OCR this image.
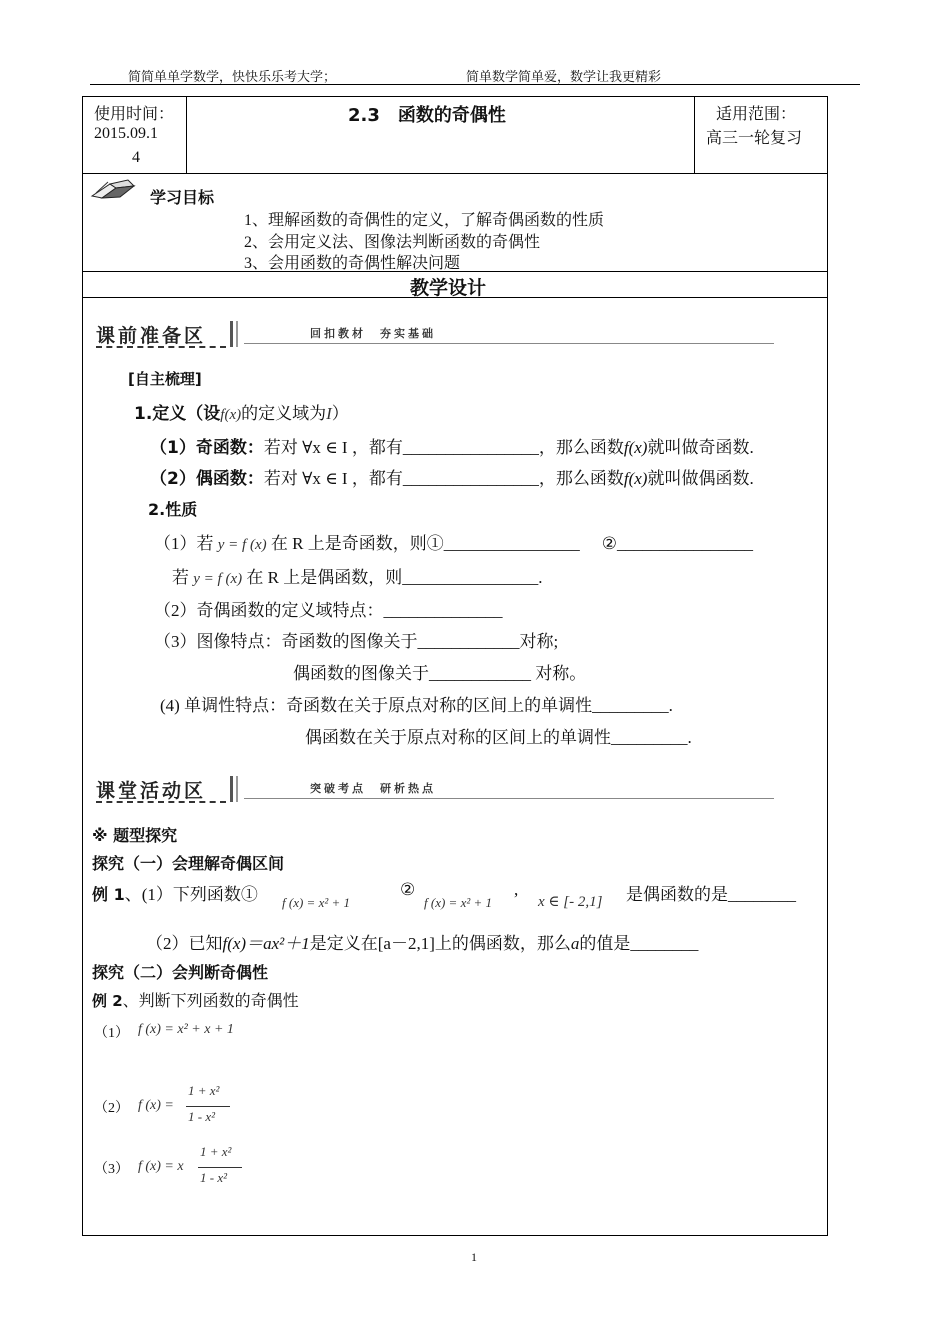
简简单单学数学，快快乐乐考大学；	简单数学简单爱，数学让我更精彩
使用时间：
2015.09.1
4
2.3　函数的奇偶性	适用范围：
高三一轮复习
学习目标
1、理解函数的奇偶性的定义，了解奇偶函数的性质
2、会用定义法、图像法判断函数的奇偶性
3、会用函数的奇偶性解决问题
教学设计
课前准备区	回扣教材　夯实基础
[自主梳理]
1.定义（设f(x)的定义域为I）
（1）奇函数：若对 ∀x ∈ I ，都有________________，那么函数f(x)就叫做奇函数.
（2）偶函数：若对 ∀x ∈ I ，都有________________，那么函数f(x)就叫做偶函数.
2.性质
（1）若 y = f (x) 在 R 上是奇函数，则①________________ ②________________
若 y = f (x) 在 R 上是偶函数，则________________.
（2）奇偶函数的定义域特点：______________
（3）图像特点：奇函数的图像关于____________对称;
偶函数的图像关于____________ 对称。
(4) 单调性特点：奇函数在关于原点对称的区间上的单调性_________.
偶函数在关于原点对称的区间上的单调性_________.
课堂活动区	突破考点　研析热点
※ 题型探究
探究（一）会理解奇偶区间
例 1、(1）下列函数① f (x) = x² + 1
②
f (x) = x² + 1
,
x ∈ [- 2,1] 是偶函数的是________
（2）已知f(x)＝ax²＋1是定义在[a－2,1]上的偶函数，那么a的值是________
探究（二）会判断奇偶性
例 2、判断下列函数的奇偶性
（1） f (x) = x² + x + 1
（2） f (x) =
1 + x²
1 - x²
（3） f (x) = x
1 + x²
1 - x²
1
